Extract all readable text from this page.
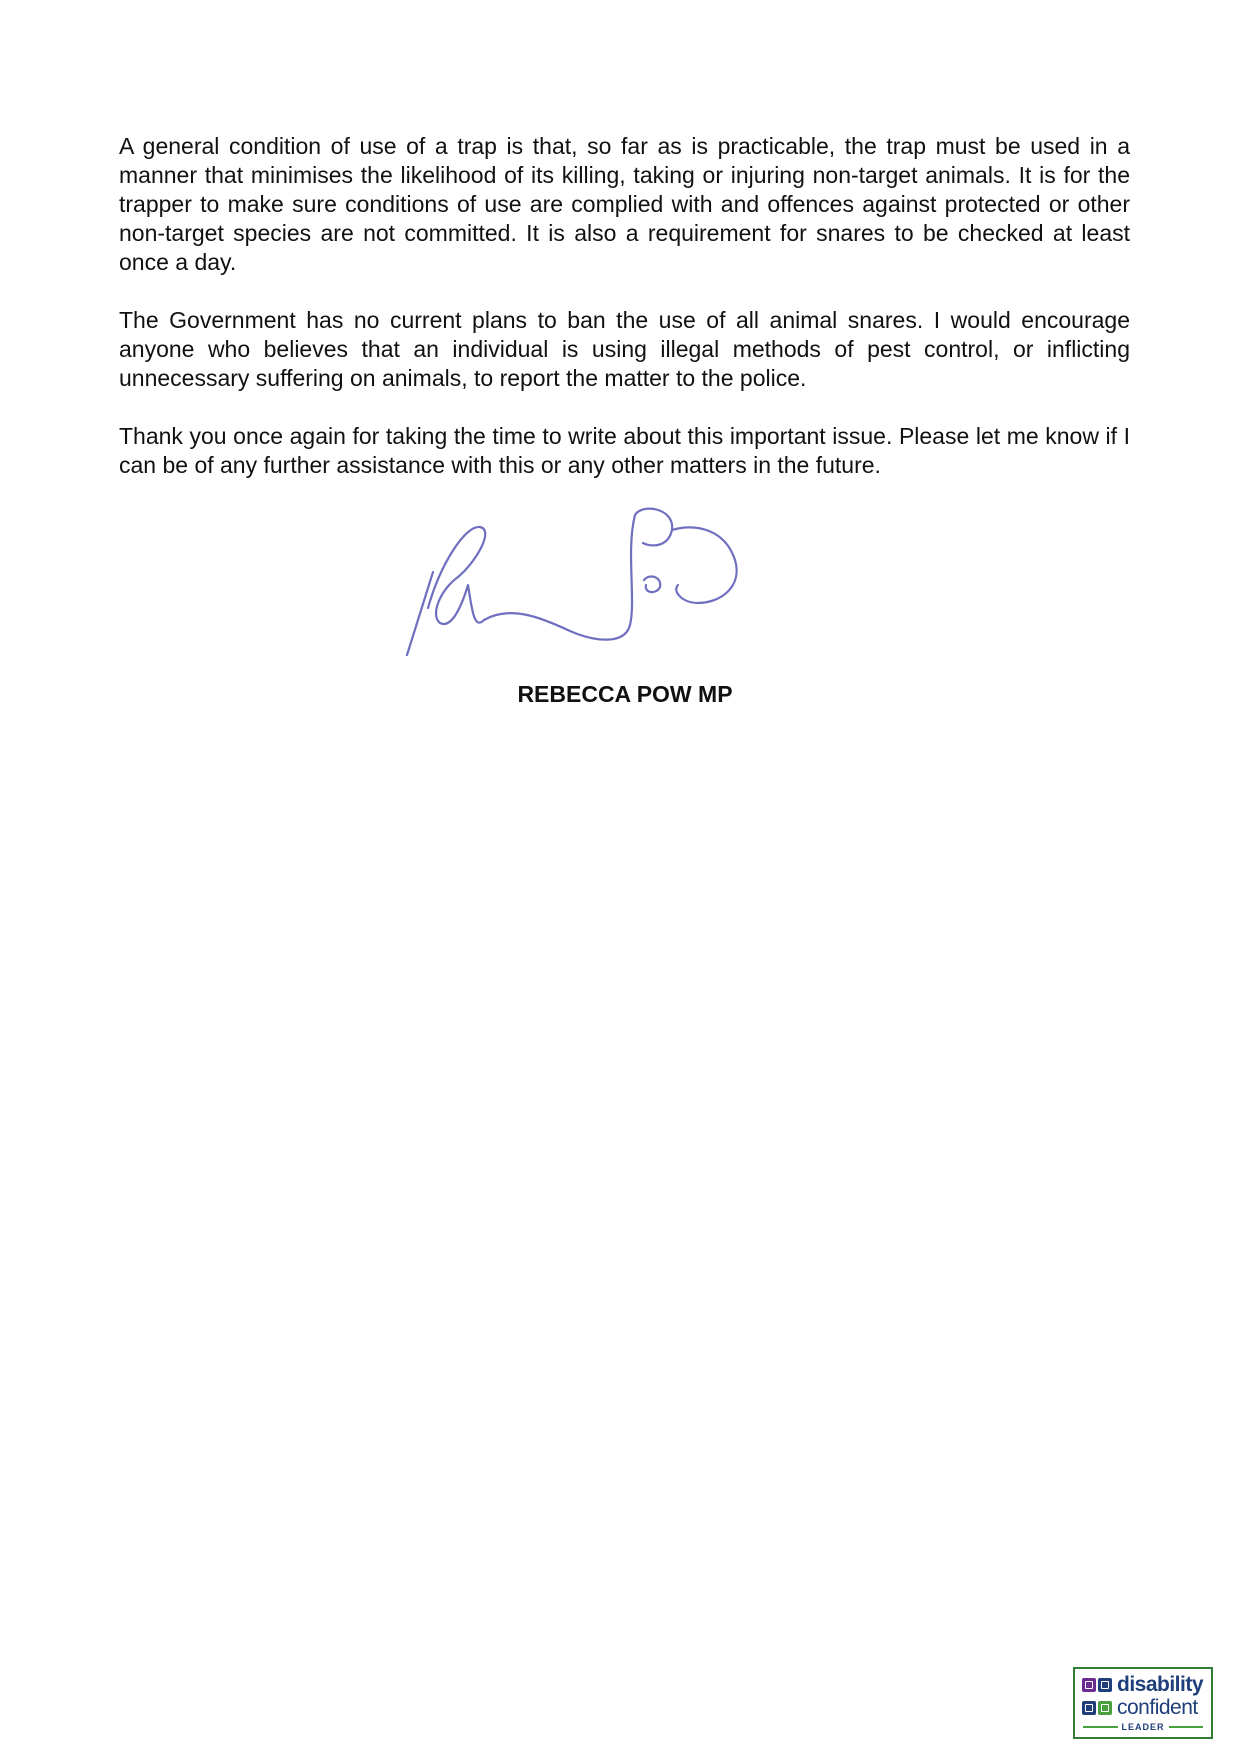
A general condition of use of a trap is that, so far as is practicable, the trap must be used in a manner that minimises the likelihood of its killing, taking or injuring non-target animals. It is for the trapper to make sure conditions of use are complied with and offences against protected or other non-target species are not committed. It is also a requirement for snares to be checked at least once a day.

The Government has no current plans to ban the use of all animal snares. I would encourage anyone who believes that an individual is using illegal methods of pest control, or inflicting unnecessary suffering on animals, to report the matter to the police.

Thank you once again for taking the time to write about this important issue. Please let me know if I can be of any further assistance with this or any other matters in the future.

REBECCA POW MP
disability
confident
LEADER
